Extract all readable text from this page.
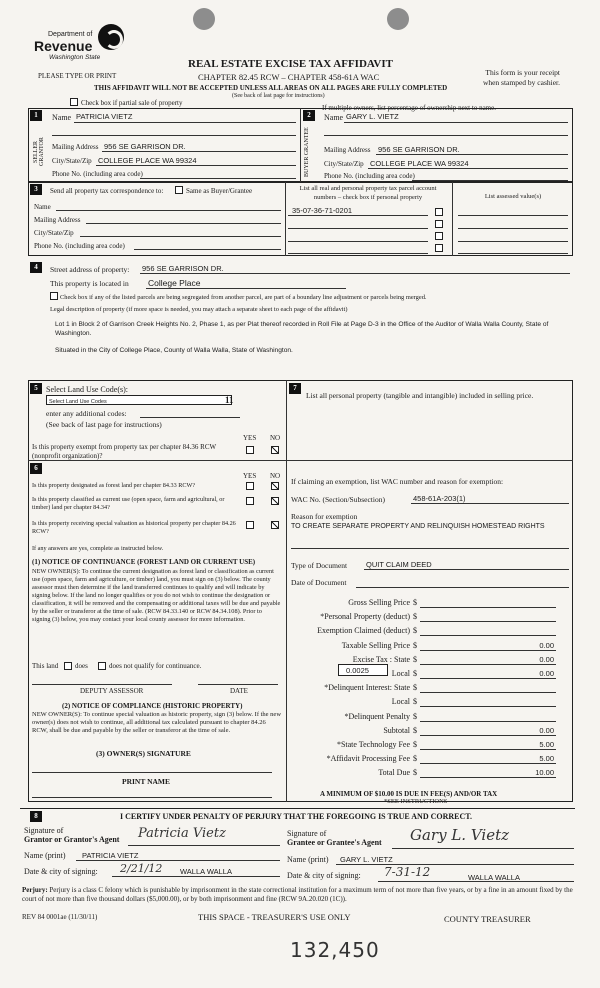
Department of
Revenue
Washington State
PLEASE TYPE OR PRINT
REAL ESTATE EXCISE TAX AFFIDAVIT
CHAPTER 82.45 RCW – CHAPTER 458-61A WAC
THIS AFFIDAVIT WILL NOT BE ACCEPTED UNLESS ALL AREAS ON ALL PAGES ARE FULLY COMPLETED
(See back of last page for instructions)
This form is your receipt
when stamped by cashier.
Check box if partial sale of property
If multiple owners, list percentage of ownership next to name.
1	2
SELLER GRANTOR	BUYER GRANTEE
Name PATRICIA VIETZ
Mailing Address 956 SE GARRISON DR.
City/State/Zip COLLEGE PLACE WA 99324
Phone No. (including area code)
Name GARY L. VIETZ
Mailing Address 956 SE GARRISON DR.
City/State/Zip COLLEGE PLACE WA 99324
Phone No. (including area code)
3	Send all property tax correspondence to:	Same as Buyer/Grantee
Name
Mailing Address
City/State/Zip
Phone No. (including area code)
List all real and personal property tax parcel account numbers – check box if personal property	List assessed value(s)
35-07-36-71-0201
4	Street address of property: 956 SE GARRISON DR.
This property is located in College Place
Check box if any of the listed parcels are being segregated from another parcel, are part of a boundary line adjustment or parcels being merged.
Legal description of property (if more space is needed, you may attach a separate sheet to each page of the affidavit)
Lot 1 in Block 2 of Garrison Creek Heights No. 2, Phase 1, as per Plat thereof recorded in Roll File at Page D-3 in the Office of the Auditor of Walla Walla County, State of Washington.
Situated in the City of College Place, County of Walla Walla, State of Washington.
5	Select Land Use Code(s):
Select Land Use Codes	11
enter any additional codes:
(See back of last page for instructions)
YES NO
Is this property exempt from property tax per chapter 84.36 RCW (nonprofit organization)?
6
YES NO
Is this property designated as forest land per chapter 84.33 RCW?
Is this property classified as current use (open space, farm and agricultural, or timber) land per chapter 84.34?
Is this property receiving special valuation as historical property per chapter 84.26 RCW?
If any answers are yes, complete as instructed below.
(1) NOTICE OF CONTINUANCE (FOREST LAND OR CURRENT USE)
NEW OWNER(S): To continue the current designation as forest land or classification as current use (open space, farm and agriculture, or timber) land, you must sign on (3) below. The county assessor must then determine if the land transferred continues to qualify and will indicate by signing below. If the land no longer qualifies or you do not wish to continue the designation or classification, it will be removed and the compensating or additional taxes will be due and payable by the seller or transferor at the time of sale. (RCW 84.33.140 or RCW 84.34.108). Prior to signing (3) below, you may contact your local county assessor for more information.
This land does	does not qualify for continuance.
DEPUTY ASSESSOR	DATE
(2) NOTICE OF COMPLIANCE (HISTORIC PROPERTY)
NEW OWNER(S): To continue special valuation as historic property, sign (3) below. If the new owner(s) does not wish to continue, all additional tax calculated pursuant to chapter 84.26 RCW, shall be due and payable by the seller or transferor at the time of sale.
(3) OWNER(S) SIGNATURE
PRINT NAME
7
List all personal property (tangible and intangible) included in selling price.
If claiming an exemption, list WAC number and reason for exemption:
WAC No. (Section/Subsection)	458-61A-203(1)
Reason for exemption
TO CREATE SEPARATE PROPERTY AND RELINQUISH HOMESTEAD RIGHTS
Type of Document	QUIT CLAIM DEED
Date of Document
Gross Selling Price $
*Personal Property (deduct) $
Exemption Claimed (deduct) $
Taxable Selling Price $	0.00
Excise Tax : State $	0.00
Local $	0.00
*Delinquent Interest: State $
Local $
*Delinquent Penalty $
Subtotal $	0.00
*State Technology Fee $	5.00
*Affidavit Processing Fee $	5.00
Total Due $	10.00
0.0025
A MINIMUM OF $10.00 IS DUE IN FEE(S) AND/OR TAX
*SEE INSTRUCTIONS
8	I CERTIFY UNDER PENALTY OF PERJURY THAT THE FOREGOING IS TRUE AND CORRECT.
Signature of
Grantor or Grantor's Agent Patricia Vietz
Name (print) PATRICIA VIETZ
Date & city of signing: 2/21/12 WALLA WALLA
Signature of
Grantee or Grantee's Agent Gary L. Vietz
Name (print) GARY L. VIETZ
Date & city of signing: 7-31-12	WALLA WALLA
Perjury: Perjury is a class C felony which is punishable by imprisonment in the state correctional institution for a maximum term of not more than five years, or by a fine in an amount fixed by the court of not more than five thousand dollars ($5,000.00), or by both imprisonment and fine (RCW 9A.20.020 (1C)).
REV 84 0001ae (11/30/11)	THIS SPACE - TREASURER'S USE ONLY	COUNTY TREASURER
132,450
